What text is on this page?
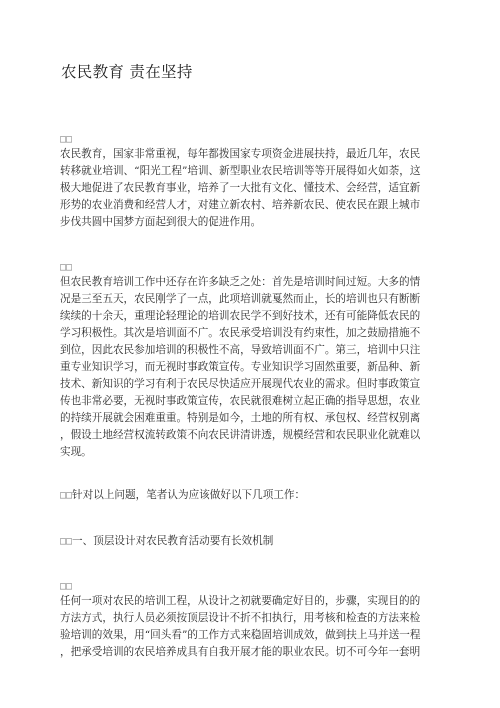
农民教育 责在坚持
□□
农民教育，国家非常重视，每年都拨国家专项资金进展扶持，最近几年，农民
转移就业培训、“阳光工程”培训、新型职业农民培训等等开展得如火如荼，这
极大地促进了农民教育事业，培养了一大批有文化、懂技术、会经营，适宜新
形势的农业消费和经营人才，对建立新农村、培养新农民、使农民在跟上城市
步伐共圆中国梦方面起到很大的促进作用。
□□
但农民教育培训工作中还存在许多缺乏之处：首先是培训时间过短。大多的情
况是三至五天，农民刚学了一点，此项培训就戛然而止，长的培训也只有断断
续续的十余天，重理论轻理论的培训农民学不到好技术，还有可能降低农民的
学习积极性。其次是培训面不广。农民承受培训没有约束性，加之鼓励措施不
到位，因此农民参加培训的积极性不高，导致培训面不广。第三，培训中只注
重专业知识学习，而无视时事政策宣传。专业知识学习固然重要，新品种、新
技术、新知识的学习有利于农民尽快适应开展现代农业的需求。但时事政策宣
传也非常必要，无视时事政策宣传，农民就很难树立起正确的指导思想，农业
的持续开展就会困难重重。特别是如今，土地的所有权、承包权、经营权别离
，假设土地经营权流转政策不向农民讲清讲透，规模经营和农民职业化就难以
实现。
□□针对以上问题，笔者认为应该做好以下几项工作：
□□一、顶层设计对农民教育活动要有长效机制
□□
任何一项对农民的培训工程，从设计之初就要确定好目的，步骤，实现目的的
方法方式，执行人员必须按顶层设计不折不扣执行，用考核和检查的方法来检
验培训的效果，用“回头看”的工作方式来稳固培训成效，做到扶上马并送一程
，把承受培训的农民培养成具有自我开展才能的职业农民。切不可今年一套明
